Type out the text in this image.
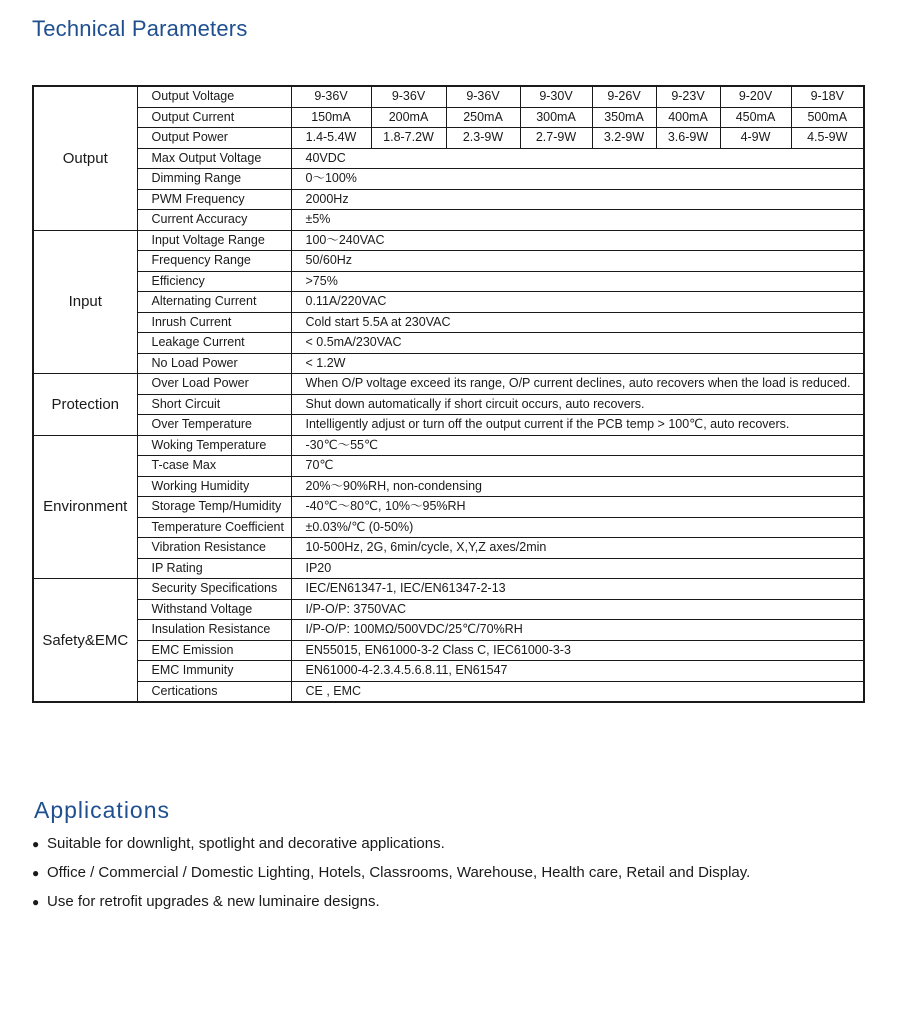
Technical Parameters
Output	Output Voltage	9-36V	9-36V	9-36V	9-30V	9-26V	9-23V	9-20V	9-18V
	Output Current	150mA	200mA	250mA	300mA	350mA	400mA	450mA	500mA
	Output Power	1.4-5.4W	1.8-7.2W	2.3-9W	2.7-9W	3.2-9W	3.6-9W	4-9W	4.5-9W
	Max Output Voltage	40VDC							
	Dimming Range	0～100%							
	PWM Frequency	2000Hz							
	Current Accuracy	±5%							
Input	Input Voltage Range	100～240VAC							
	Frequency Range	50/60Hz							
	Efficiency	>75%							
	Alternating Current	0.11A/220VAC							
	Inrush Current	Cold start 5.5A at 230VAC							
	Leakage Current	< 0.5mA/230VAC							
	No Load Power	< 1.2W							
Protection	Over Load Power	When O/P voltage exceed its range, O/P current declines, auto recovers when the load is reduced.							
	Short Circuit	Shut down automatically if short circuit occurs, auto recovers.							
	Over Temperature	Intelligently adjust or turn off the output current if the PCB temp > 100℃, auto recovers.							
Environment	Woking Temperature	-30℃～55℃							
	T-case Max	70℃							
	Working Humidity	20%～90%RH, non-condensing							
	Storage Temp/Humidity	-40℃～80℃, 10%～95%RH							
	Temperature Coefficient	±0.03%/℃ (0-50%)							
	Vibration Resistance	10-500Hz, 2G, 6min/cycle, X,Y,Z axes/2min							
	IP Rating	IP20							
Safety&EMC	Security Specifications	IEC/EN61347-1, IEC/EN61347-2-13							
	Withstand Voltage	I/P-O/P: 3750VAC							
	Insulation Resistance	I/P-O/P: 100MΩ/500VDC/25℃/70%RH							
	EMC Emission	EN55015, EN61000-3-2 Class C, IEC61000-3-3							
	EMC Immunity	EN61000-4-2.3.4.5.6.8.11, EN61547							
	Certications	CE , EMC							
Applications
● Suitable for downlight, spotlight and decorative applications.
● Office / Commercial / Domestic Lighting, Hotels, Classrooms, Warehouse, Health care, Retail and Display.
● Use for retrofit upgrades & new luminaire designs.
